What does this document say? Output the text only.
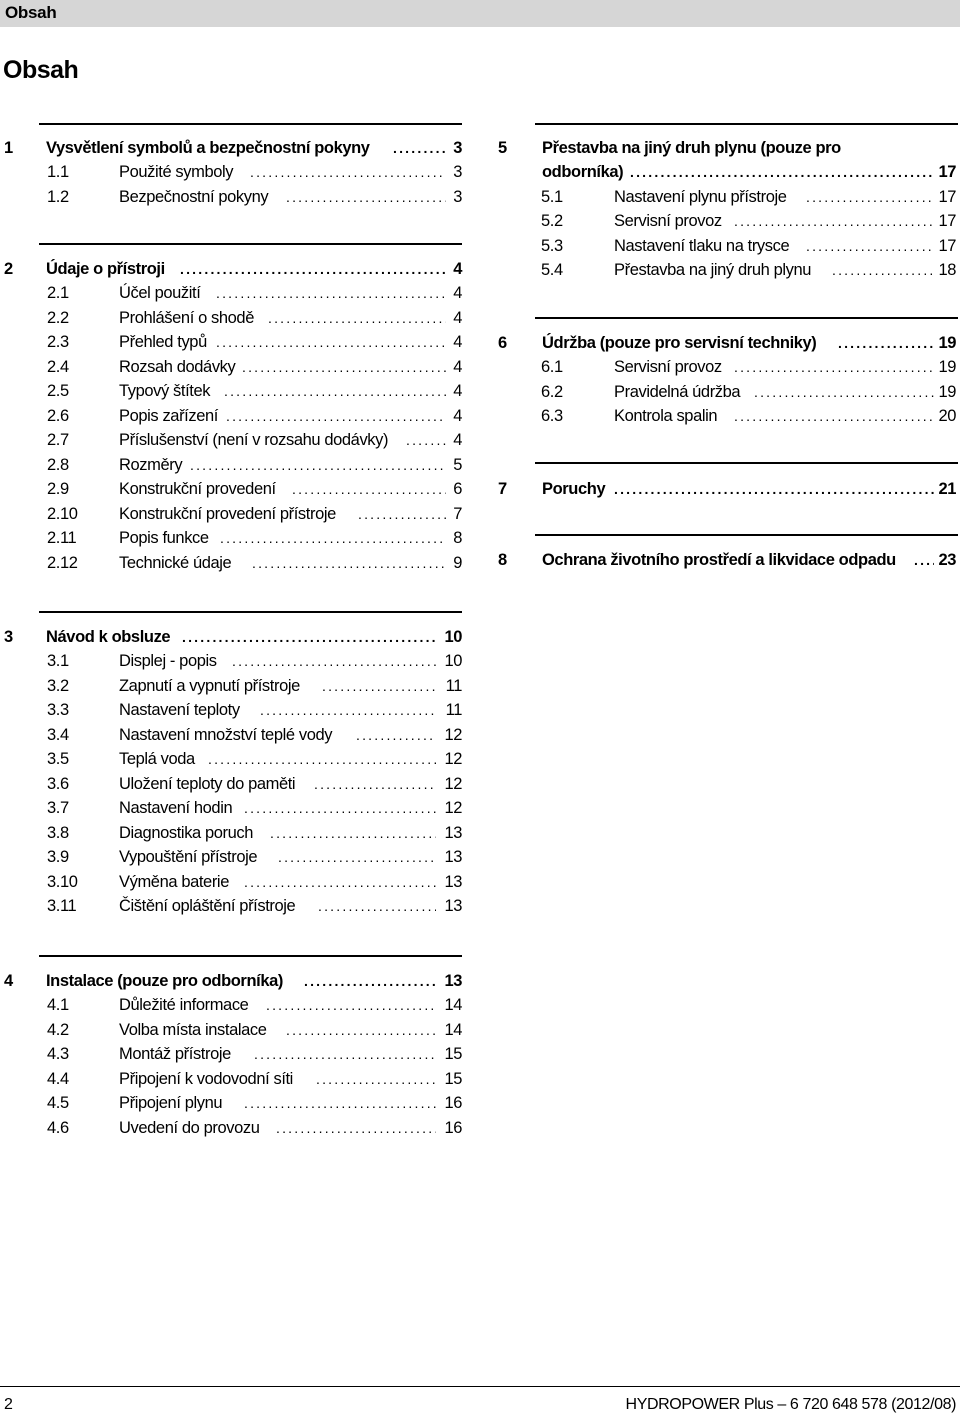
Obsah
Obsah
1 Vysvětlení symbolů a bezpečnostní pokyny .....	3
1.1	Použité symboly .....	3
1.2	Bezpečnostní pokyny .....	3
2 Údaje o přístroji .....	4
2.1	Účel použití .....	4
2.2	Prohlášení o shodě .....	4
2.3	Přehled typů .....	4
2.4	Rozsah dodávky .....	4
2.5	Typový štítek .....	4
2.6	Popis zařízení .....	4
2.7	Příslušenství (není v rozsahu dodávky) .....	4
2.8	Rozměry .....	5
2.9	Konstrukční provedení .....	6
2.10	Konstrukční provedení přístroje .....	7
2.11	Popis funkce .....	8
2.12	Technické údaje .....	9
3 Návod k obsluze .....	10
3.1	Displej - popis .....	10
3.2	Zapnutí a vypnutí přístroje .....	11
3.3	Nastavení teploty .....	11
3.4	Nastavení množství teplé vody .....	12
3.5	Teplá voda .....	12
3.6	Uložení teploty do paměti .....	12
3.7	Nastavení hodin .....	12
3.8	Diagnostika poruch .....	13
3.9	Vypouštění přístroje .....	13
3.10	Výměna baterie .....	13
3.11	Čištění opláštění přístroje .....	13
4 Instalace (pouze pro odborníka) .....	13
4.1	Důležité informace .....	14
4.2	Volba místa instalace .....	14
4.3	Montáž přístroje .....	15
4.4	Připojení k vodovodní síti .....	15
4.5	Připojení plynu .....	16
4.6	Uvedení do provozu .....	16
5 Přestavba na jiný druh plynu (pouze pro
odborníka) .....	17
5.1	Nastavení plynu přístroje .....	17
5.2	Servisní provoz .....	17
5.3	Nastavení tlaku na trysce .....	17
5.4	Přestavba na jiný druh plynu .....	18
6 Údržba (pouze pro servisní techniky) .....	19
6.1	Servisní provoz .....	19
6.2	Pravidelná údržba .....	19
6.3	Kontrola spalin .....	20
7 Poruchy .....	21
8 Ochrana životního prostředí a likvidace odpadu .....	23
2	HYDROPOWER Plus – 6 720 648 578 (2012/08)
